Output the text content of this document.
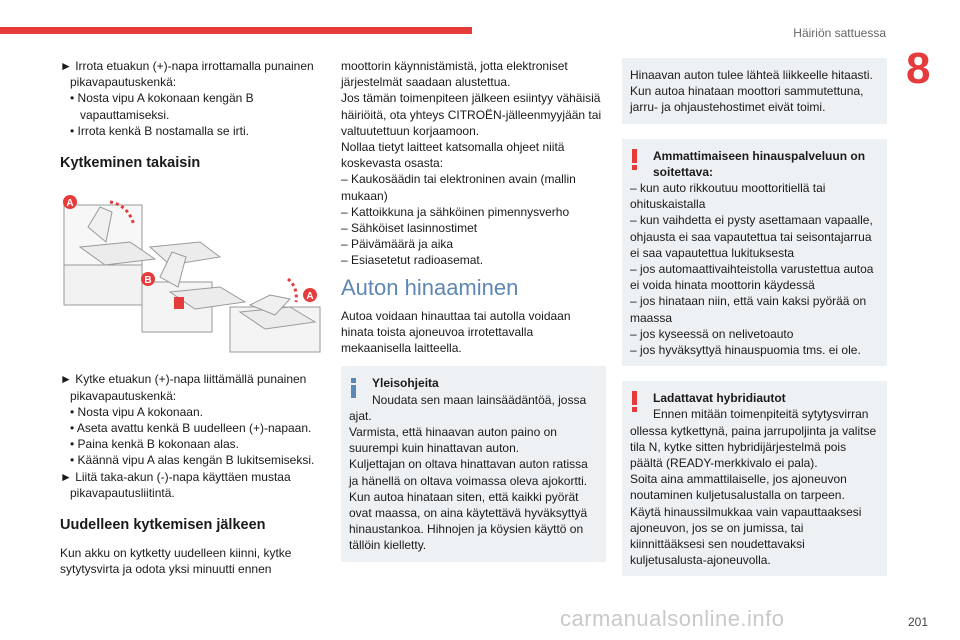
Häiriön sattuessa
8

► Irrota etuakun (+)-napa irrottamalla punainen pikavapautuskenkä:

• Nosta vipu A kokonaan kengän B vapauttamiseksi.

• Irrota kenkä B nostamalla se irti.

Kytkeminen takaisin
A
B
A

► Kytke etuakun (+)-napa liittämällä punainen pikavapautuskenkä:

• Nosta vipu A kokonaan.

• Aseta avattu kenkä B uudelleen (+)-napaan.

• Paina kenkä B kokonaan alas.

• Käännä vipu A alas kengän B lukitsemiseksi.

► Liitä taka-akun (-)-napa käyttäen mustaa pikavapautusliitintä.

Uudelleen kytkemisen jälkeen

Kun akku on kytketty uudelleen kiinni, kytke sytytysvirta ja odota yksi minuutti ennen

moottorin käynnistämistä, jotta elektroniset järjestelmät saadaan alustettua.
Jos tämän toimenpiteen jälkeen esiintyy vähäisiä häiriöitä, ota yhteys CITROËN-jälleenmyyjään tai valtuutettuun korjaamoon.
Nollaa tietyt laitteet katsomalla ohjeet niitä koskevasta osasta:

– Kaukosäädin tai elektroninen avain (mallin mukaan)

– Kattoikkuna ja sähköinen pimennysverho

– Sähköiset lasinnostimet

– Päivämäärä ja aika

– Esiasetetut radioasemat.

Auton hinaaminen

Autoa voidaan hinauttaa tai autolla voidaan hinata toista ajoneuvoa irrotettavalla mekaanisella laitteella.

Yleisohjeita

Noudata sen maan lainsäädäntöä, jossa ajat.
Varmista, että hinaavan auton paino on suurempi kuin hinattavan auton.
Kuljettajan on oltava hinattavan auton ratissa ja hänellä on oltava voimassa oleva ajokortti.
Kun autoa hinataan siten, että kaikki pyörät ovat maassa, on aina käytettävä hyväksyttyä hinaustankoa. Hihnojen ja köysien käyttö on tällöin kielletty.

Hinaavan auton tulee lähteä liikkeelle hitaasti. Kun autoa hinataan moottori sammutettuna, jarru- ja ohjaustehostimet eivät toimi.

Ammattimaiseen hinauspalveluun on soitettava:

– kun auto rikkoutuu moottoritiellä tai ohituskaistalla

– kun vaihdetta ei pysty asettamaan vapaalle, ohjausta ei saa vapautettua tai seisontajarrua ei saa vapautettua lukituksesta

– jos automaattivaihteistolla varustettua autoa ei voida hinata moottorin käydessä

– jos hinataan niin, että vain kaksi pyörää on maassa

– jos kyseessä on nelivetoauto

– jos hyväksyttyä hinauspuomia tms. ei ole.

Ladattavat hybridiautot

Ennen mitään toimenpiteitä sytytysvirran ollessa kytkettynä, paina jarrupoljinta ja valitse tila N, kytke sitten hybridijärjestelmä pois päältä (READY-merkkivalo ei pala).
Soita aina ammattilaiselle, jos ajoneuvon noutaminen kuljetusalustalla on tarpeen.
Käytä hinaussilmukkaa vain vapauttaaksesi ajoneuvon, jos se on jumissa, tai kiinnittääksesi sen noudettavaksi kuljetusalusta-ajoneuvolla.

carmanualsonline.info	201
